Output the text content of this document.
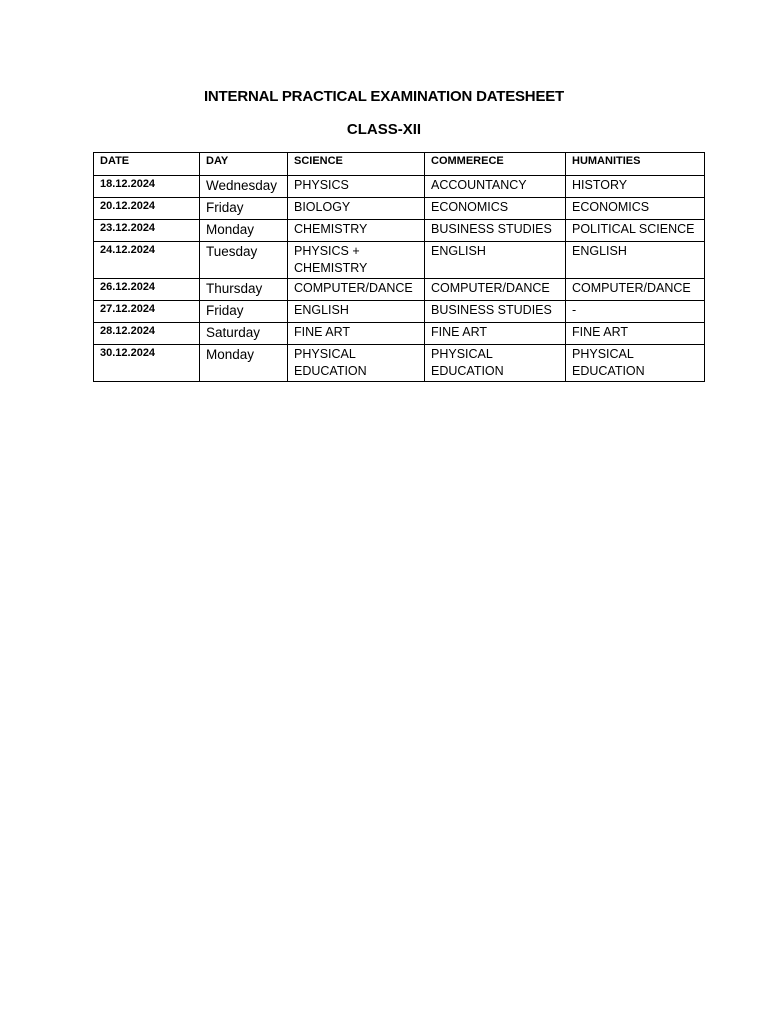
INTERNAL PRACTICAL EXAMINATION DATESHEET
CLASS-XII
DATE	DAY	SCIENCE	COMMERECE	HUMANITIES
18.12.2024	Wednesday	PHYSICS	ACCOUNTANCY	HISTORY
20.12.2024	Friday	BIOLOGY	ECONOMICS	ECONOMICS
23.12.2024	Monday	CHEMISTRY	BUSINESS STUDIES	POLITICAL SCIENCE
24.12.2024	Tuesday	PHYSICS + CHEMISTRY	ENGLISH	ENGLISH
26.12.2024	Thursday	COMPUTER/DANCE	COMPUTER/DANCE	COMPUTER/DANCE
27.12.2024	Friday	ENGLISH	BUSINESS STUDIES	-
28.12.2024	Saturday	FINE ART	FINE ART	FINE ART
30.12.2024	Monday	PHYSICAL EDUCATION	PHYSICAL EDUCATION	PHYSICAL EDUCATION
